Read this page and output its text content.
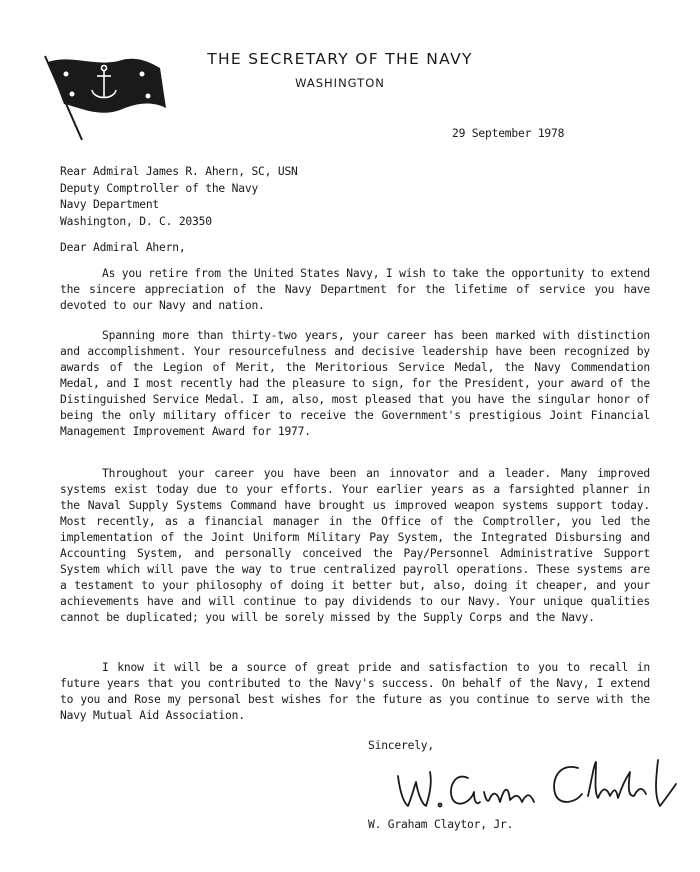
THE SECRETARY OF THE NAVY
WASHINGTON
29 September 1978
Rear Admiral James R. Ahern, SC, USN
Deputy Comptroller of the Navy
Navy Department
Washington, D. C. 20350
Dear Admiral Ahern,
As you retire from the United States Navy, I wish to take the opportunity to extend the sincere appreciation of the Navy Department for the lifetime of service you have devoted to our Navy and nation.
Spanning more than thirty-two years, your career has been marked with distinction and accomplishment. Your resourcefulness and decisive leadership have been recognized by awards of the Legion of Merit, the Meritorious Service Medal, the Navy Commendation Medal, and I most recently had the pleasure to sign, for the President, your award of the Distinguished Service Medal. I am, also, most pleased that you have the singular honor of being the only military officer to receive the Government's prestigious Joint Financial Management Improvement Award for 1977.
Throughout your career you have been an innovator and a leader. Many improved systems exist today due to your efforts. Your earlier years as a farsighted planner in the Naval Supply Systems Command have brought us improved weapon systems support today. Most recently, as a financial manager in the Office of the Comptroller, you led the implementation of the Joint Uniform Military Pay System, the Integrated Disbursing and Accounting System, and personally conceived the Pay/Personnel Administrative Support System which will pave the way to true centralized payroll operations. These systems are a testament to your philosophy of doing it better but, also, doing it cheaper, and your achievements have and will continue to pay dividends to our Navy. Your unique qualities cannot be duplicated; you will be sorely missed by the Supply Corps and the Navy.
I know it will be a source of great pride and satisfaction to you to recall in future years that you contributed to the Navy's success. On behalf of the Navy, I extend to you and Rose my personal best wishes for the future as you continue to serve with the Navy Mutual Aid Association.
Sincerely,
W. Graham Claytor, Jr.
